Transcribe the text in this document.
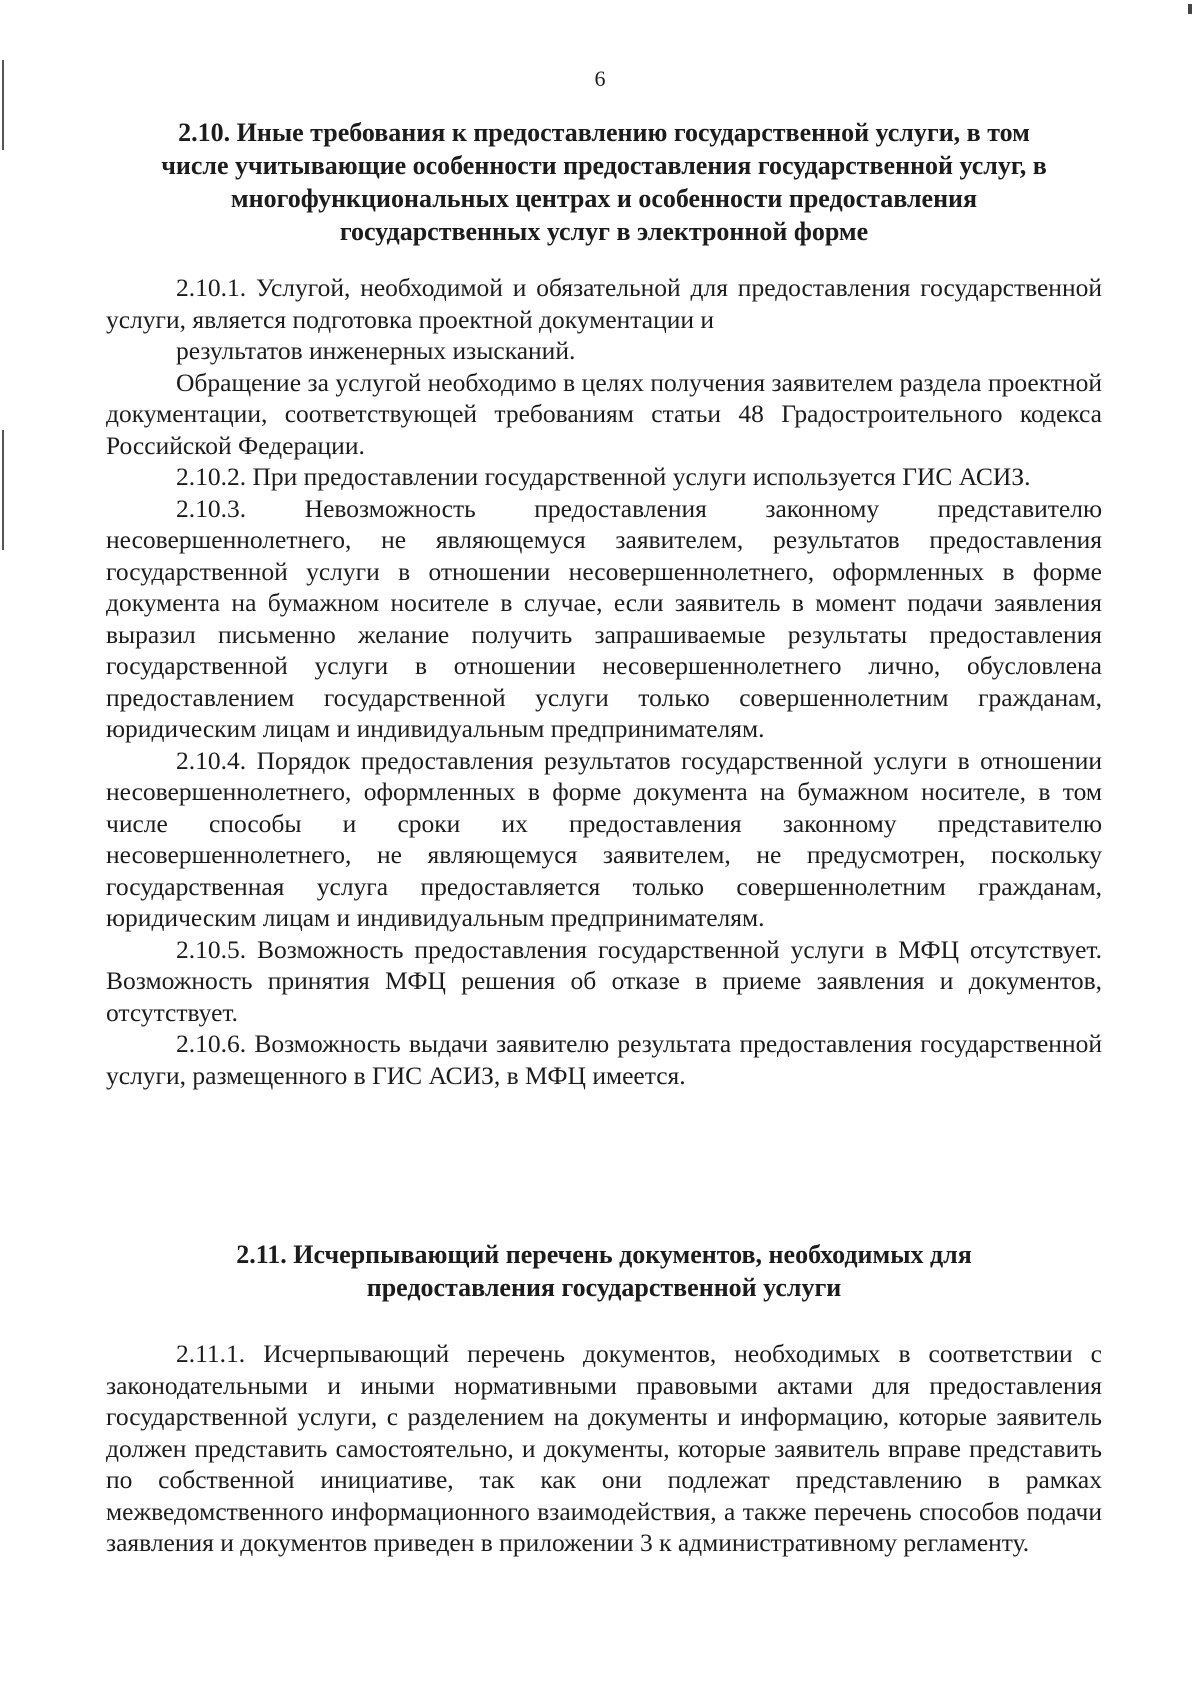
6

2.10. Иные требования к предоставлению государственной услуги, в том
числе учитывающие особенности предоставления государственной услуг, в
многофункциональных центрах и особенности предоставления
государственных услуг в электронной форме

2.10.1. Услугой, необходимой и обязательной для предоставления государственной услуги, является подготовка проектной документации и

результатов инженерных изысканий.

Обращение за услугой необходимо в целях получения заявителем раздела проектной документации, соответствующей требованиям статьи 48 Градостроительного кодекса Российской Федерации.

2.10.2. При предоставлении государственной услуги используется ГИС АСИЗ.

2.10.3. Невозможность предоставления законному представителю несовершеннолетнего, не являющемуся заявителем, результатов предоставления государственной услуги в отношении несовершеннолетнего, оформленных в форме документа на бумажном носителе в случае, если заявитель в момент подачи заявления выразил письменно желание получить запрашиваемые результаты предоставления государственной услуги в отношении несовершеннолетнего лично, обусловлена предоставлением государственной услуги только совершеннолетним гражданам, юридическим лицам и индивидуальным предпринимателям.

2.10.4. Порядок предоставления результатов государственной услуги в отношении несовершеннолетнего, оформленных в форме документа на бумажном носителе, в том числе способы и сроки их предоставления законному представителю несовершеннолетнего, не являющемуся заявителем, не предусмотрен, поскольку государственная услуга предоставляется только совершеннолетним гражданам, юридическим лицам и индивидуальным предпринимателям.

2.10.5. Возможность предоставления государственной услуги в МФЦ отсутствует. Возможность принятия МФЦ решения об отказе в приеме заявления и документов, отсутствует.

2.10.6. Возможность выдачи заявителю результата предоставления государственной услуги, размещенного в ГИС АСИЗ, в МФЦ имеется.

2.11. Исчерпывающий перечень документов, необходимых для
предоставления государственной услуги

2.11.1. Исчерпывающий перечень документов, необходимых в соответствии с законодательными и иными нормативными правовыми актами для предоставления государственной услуги, с разделением на документы и информацию, которые заявитель должен представить самостоятельно, и документы, которые заявитель вправе представить по собственной инициативе, так как они подлежат представлению в рамках межведомственного информационного взаимодействия, а также перечень способов подачи заявления и документов приведен в приложении 3 к административному регламенту.
